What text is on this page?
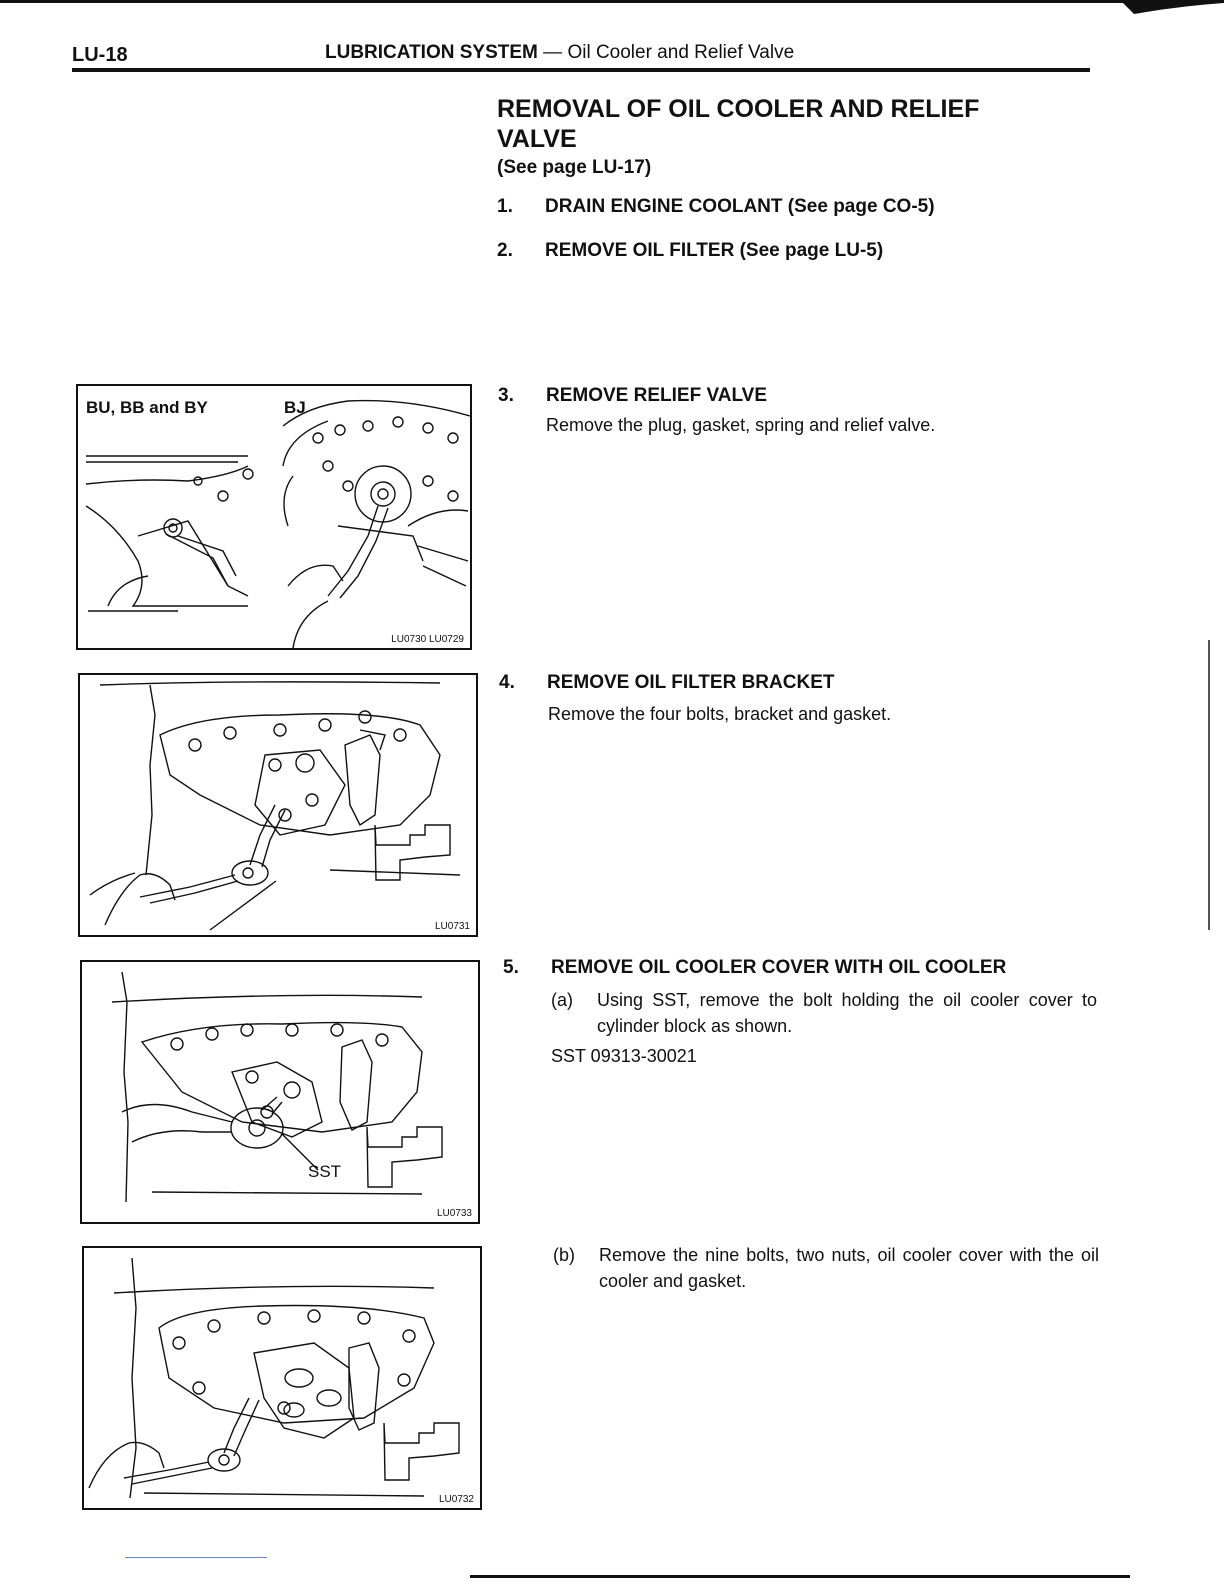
LU-18	LUBRICATION SYSTEM — Oil Cooler and Relief Valve
REMOVAL OF OIL COOLER AND RELIEF VALVE
(See page LU-17)
1. DRAIN ENGINE COOLANT (See page CO-5)
2. REMOVE OIL FILTER (See page LU-5)
3. REMOVE RELIEF VALVE
Remove the plug, gasket, spring and relief valve.
4. REMOVE OIL FILTER BRACKET
Remove the four bolts, bracket and gasket.
5. REMOVE OIL COOLER COVER WITH OIL COOLER
(a) Using SST, remove the bolt holding the oil cooler cover to cylinder block as shown.
SST 09313-30021
(b) Remove the nine bolts, two nuts, oil cooler cover with the oil cooler and gasket.
BU, BB and BY	BJ
LU0730 LU0729
LU0731
SST
LU0733
LU0732
